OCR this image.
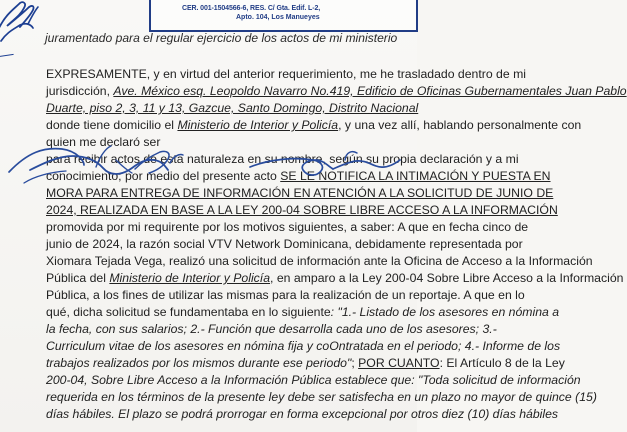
CER. 001-1504566-6, RES. C/ Gta. Edif. L-2,
Apto. 104, Los Manueyes
juramentado para el regular ejercicio de los actos de mi ministerio
EXPRESAMENTE, y en virtud del anterior requerimiento, me he trasladado dentro de mi
jurisdicción, Ave. México esq. Leopoldo Navarro No.419, Edificio de Oficinas Gubernamentales Juan Pablo
Duarte, piso 2, 3, 11 y 13, Gazcue, Santo Domingo, Distrito Nacional
donde tiene domicilio el Ministerio de Interior y Policía, y una vez allí, hablando personalmente con
quien me declaró ser
para recibir actos de esta naturaleza en su nombre, según su propia declaración y a mi
conocimiento; por medio del presente acto SE LE NOTIFICA LA INTIMACIÓN Y PUESTA EN
MORA PARA ENTREGA DE INFORMACIÓN EN ATENCIÓN A LA SOLICITUD DE JUNIO DE
2024, REALIZADA EN BASE A LA LEY 200-04 SOBRE LIBRE ACCESO A LA INFORMACIÓN
promovida por mi requirente por los motivos siguientes, a saber: A que en fecha cinco de
junio de 2024, la razón social VTV Network Dominicana, debidamente representada por
Xiomara Tejada Vega, realizó una solicitud de información ante la Oficina de Acceso a la Información
Pública del Ministerio de Interior y Policía, en amparo a la Ley 200-04 Sobre Libre Acceso a la Información
Pública, a los fines de utilizar las mismas para la realización de un reportaje. A que en lo
qué, dicha solicitud se fundamentaba en lo siguiente: "1.- Listado de los asesores en nómina a
la fecha, con sus salarios; 2.- Función que desarrolla cada uno de los asesores; 3.-
Curriculum vitae de los asesores en nómina fija y coOntratada en el periodo; 4.- Informe de los
trabajos realizados por los mismos durante ese periodo"; POR CUANTO: El Artículo 8 de la Ley
200-04, Sobre Libre Acceso a la Información Pública establece que: "Toda solicitud de información
requerida en los términos de la presente ley debe ser satisfecha en un plazo no mayor de quince (15)
días hábiles. El plazo se podrá prorrogar en forma excepcional por otros diez (10) días hábiles
